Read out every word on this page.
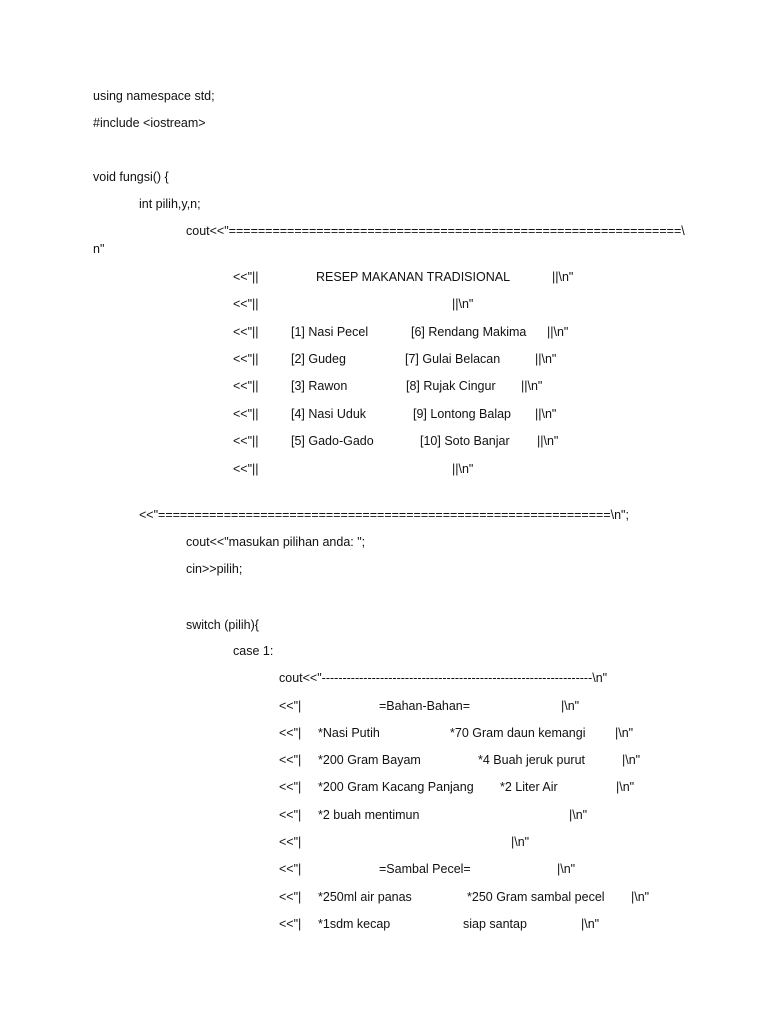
using namespace std;
#include <iostream>
void fungsi() {
int pilih,y,n;
cout<<"==============================================================\
n"
<<"||	RESEP MAKANAN TRADISIONAL	||\n"
<<"||	||\n"
<<"||	[1] Nasi Pecel	[6] Rendang Makima ||\n"
<<"||	[2] Gudeg	[7] Gulai Belacan	||\n"
<<"||	[3] Rawon	[8] Rujak Cingur ||\n"
<<"||	[4] Nasi Uduk	[9] Lontong Balap ||\n"
<<"||	[5] Gado-Gado	[10] Soto Banjar ||\n"
<<"||	||\n"
<<"==============================================================\n";
cout<<"masukan pilihan anda: ";
cin>>pilih;
switch (pilih){
case 1:
cout<<"-----------------------------------------------------------------\n"
<<"|	=Bahan-Bahan=	|\n"
<<"| *Nasi Putih	*70 Gram daun kemangi |\n"
<<"| *200 Gram Bayam	*4 Buah jeruk purut	|\n"
<<"| *200 Gram Kacang Panjang *2 Liter Air	|\n"
<<"| *2 buah mentimun	|\n"
<<"|	|\n"
<<"|	=Sambal Pecel=	|\n"
<<"| *250ml air panas	*250 Gram sambal pecel |\n"
<<"| *1sdm kecap	siap santap	|\n"
